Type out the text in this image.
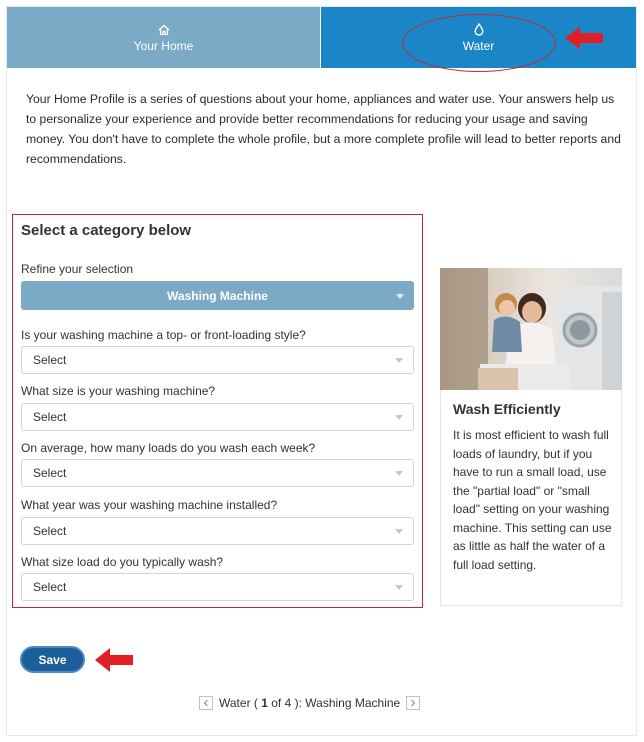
Your Home	Water

Your Home Profile is a series of questions about your home, appliances and water use. Your answers help us to personalize your experience and provide better recommendations for reducing your usage and saving money. You don't have to complete the whole profile, but a more complete profile will lead to better reports and recommendations.

Select a category below
Refine your selection
Washing Machine
Is your washing machine a top- or front-loading style?
Select
What size is your washing machine?
Select
On average, how many loads do you wash each week?
Select
What year was your washing machine installed?
Select
What size load do you typically wash?
Select
Wash Efficiently
It is most efficient to wash full loads of laundry, but if you have to run a small load, use the "partial load" or "small load" setting on your washing machine. This setting can use as little as half the water of a full load setting.
Save
Water ( 1 of 4 ): Washing Machine
